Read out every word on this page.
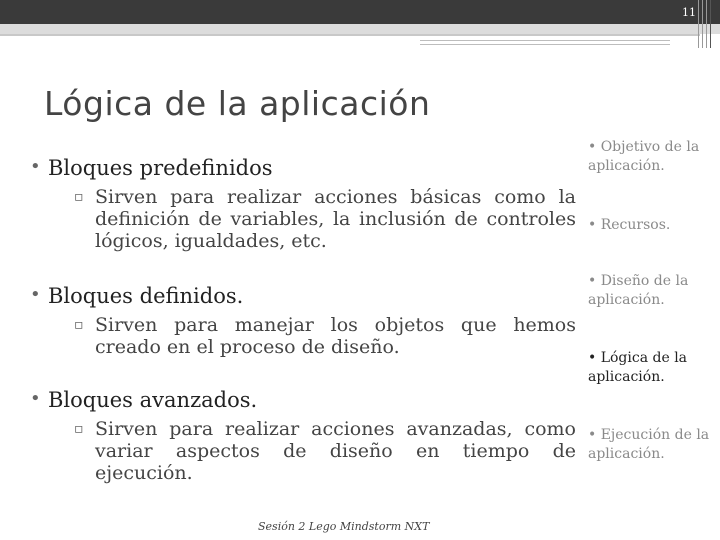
11
Lógica de la aplicación
• Bloques predefinidos
▫ Sirven para realizar acciones básicas como la definición de variables, la inclusión de controles lógicos, igualdades, etc.
• Bloques definidos.
▫ Sirven para manejar los objetos que hemos creado en el proceso de diseño.
• Bloques avanzados.
▫ Sirven para realizar acciones avanzadas, como variar aspectos de diseño en tiempo de ejecución.
• Objetivo de la aplicación.
• Recursos.
• Diseño de la aplicación.
• Lógica de la aplicación.
• Ejecución de la aplicación.
Sesión 2 Lego Mindstorm NXT
